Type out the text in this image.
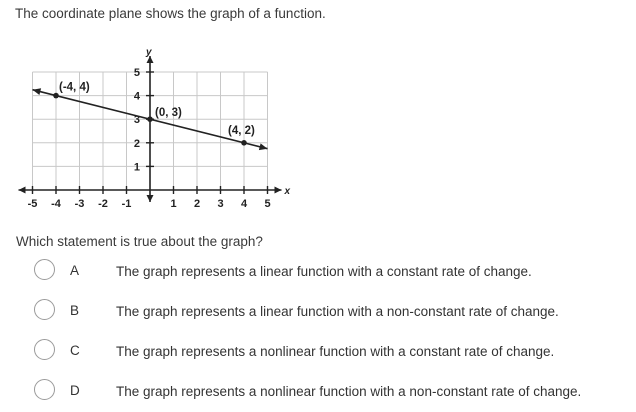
The coordinate plane shows the graph of a function.
x
y
-5 -4 -3 -2 -1	1 2 3 4 5
1
2
3
4
5
(-4, 4)
(0, 3)
(4, 2)
Which statement is true about the graph?
A	The graph represents a linear function with a constant rate of change.
B	The graph represents a linear function with a non-constant rate of change.
C	The graph represents a nonlinear function with a constant rate of change.
D	The graph represents a nonlinear function with a non-constant rate of change.
